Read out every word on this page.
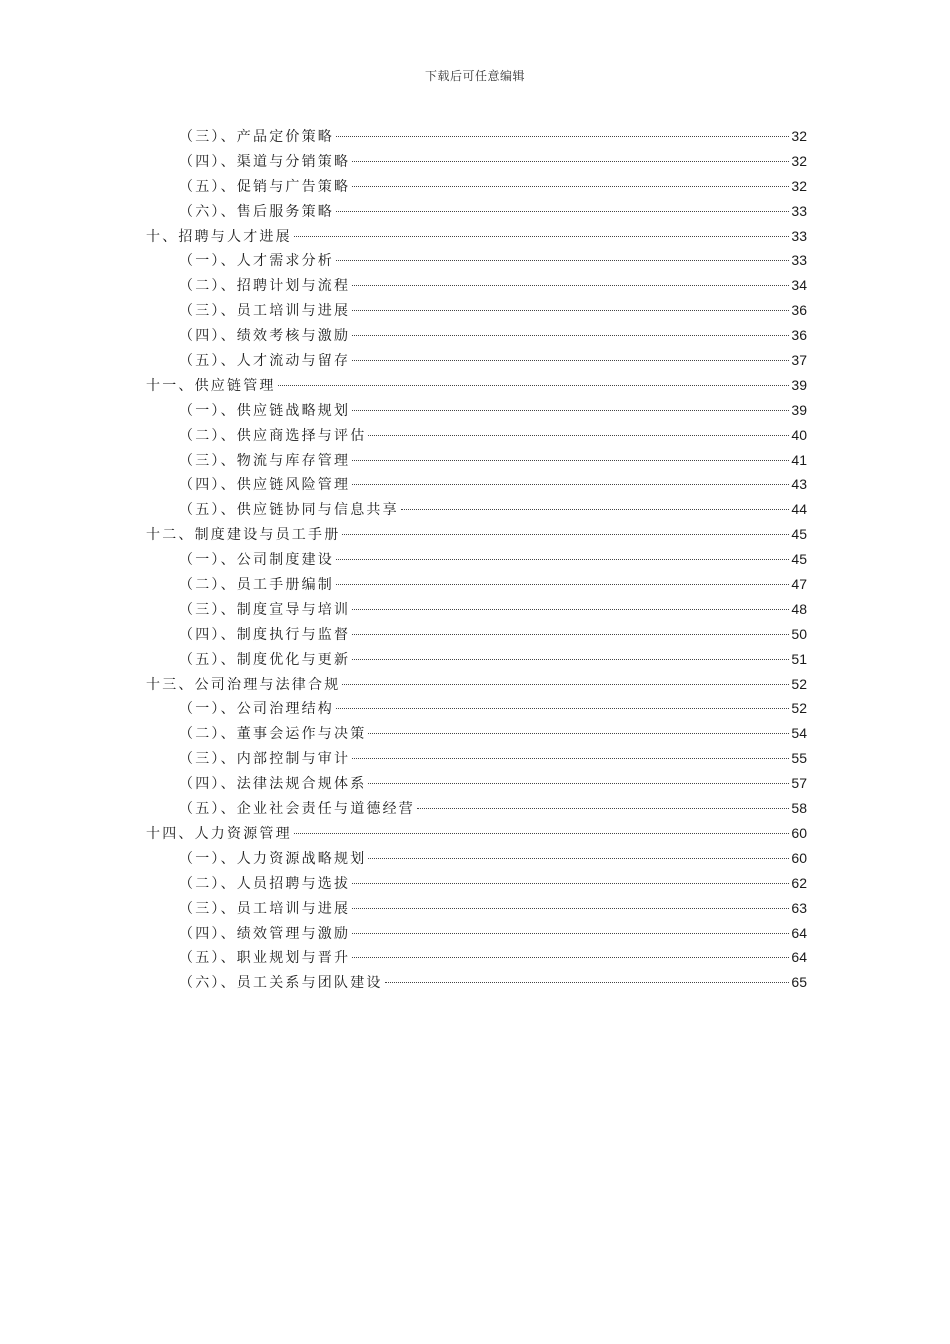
下载后可任意编辑
（三）、产品定价策略	32
（四）、渠道与分销策略	32
（五）、促销与广告策略	32
（六）、售后服务策略	33
十、招聘与人才进展	33
（一）、人才需求分析	33
（二）、招聘计划与流程	34
（三）、员工培训与进展	36
（四）、绩效考核与激励	36
（五）、人才流动与留存	37
十一、供应链管理	39
（一）、供应链战略规划	39
（二）、供应商选择与评估	40
（三）、物流与库存管理	41
（四）、供应链风险管理	43
（五）、供应链协同与信息共享	44
十二、制度建设与员工手册	45
（一）、公司制度建设	45
（二）、员工手册编制	47
（三）、制度宣导与培训	48
（四）、制度执行与监督	50
（五）、制度优化与更新	51
十三、公司治理与法律合规	52
（一）、公司治理结构	52
（二）、董事会运作与决策	54
（三）、内部控制与审计	55
（四）、法律法规合规体系	57
（五）、企业社会责任与道德经营	58
十四、人力资源管理	60
（一）、人力资源战略规划	60
（二）、人员招聘与选拔	62
（三）、员工培训与进展	63
（四）、绩效管理与激励	64
（五）、职业规划与晋升	64
（六）、员工关系与团队建设	65
